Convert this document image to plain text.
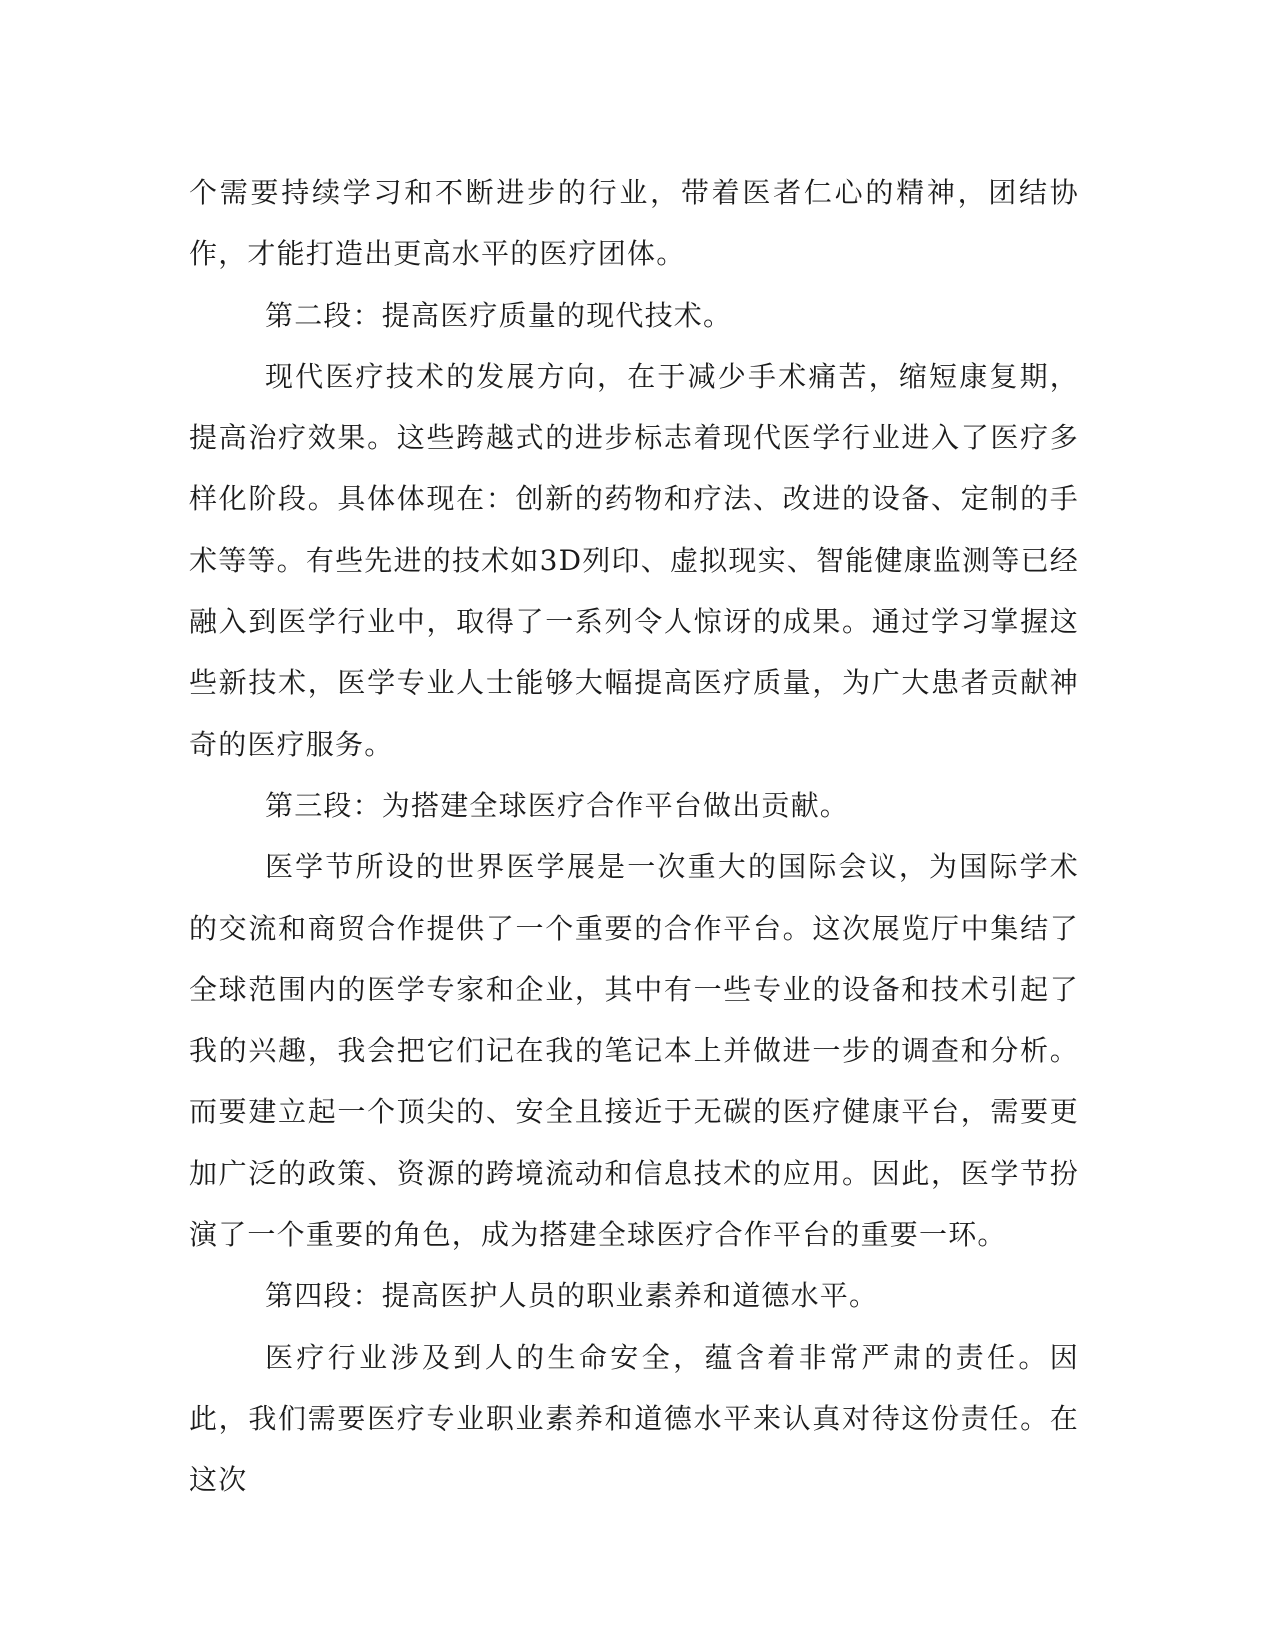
个需要持续学习和不断进步的行业，带着医者仁心的精神，团结协作，才能打造出更高水平的医疗团体。

第二段：提高医疗质量的现代技术。

现代医疗技术的发展方向，在于减少手术痛苦，缩短康复期，提高治疗效果。这些跨越式的进步标志着现代医学行业进入了医疗多样化阶段。具体体现在：创新的药物和疗法、改进的设备、定制的手术等等。有些先进的技术如3D列印、虚拟现实、智能健康监测等已经融入到医学行业中，取得了一系列令人惊讶的成果。通过学习掌握这些新技术，医学专业人士能够大幅提高医疗质量，为广大患者贡献神奇的医疗服务。

第三段：为搭建全球医疗合作平台做出贡献。

医学节所设的世界医学展是一次重大的国际会议，为国际学术的交流和商贸合作提供了一个重要的合作平台。这次展览厅中集结了全球范围内的医学专家和企业，其中有一些专业的设备和技术引起了我的兴趣，我会把它们记在我的笔记本上并做进一步的调查和分析。而要建立起一个顶尖的、安全且接近于无碳的医疗健康平台，需要更加广泛的政策、资源的跨境流动和信息技术的应用。因此，医学节扮演了一个重要的角色，成为搭建全球医疗合作平台的重要一环。

第四段：提高医护人员的职业素养和道德水平。

医疗行业涉及到人的生命安全，蕴含着非常严肃的责任。因此，我们需要医疗专业职业素养和道德水平来认真对待这份责任。在这次
